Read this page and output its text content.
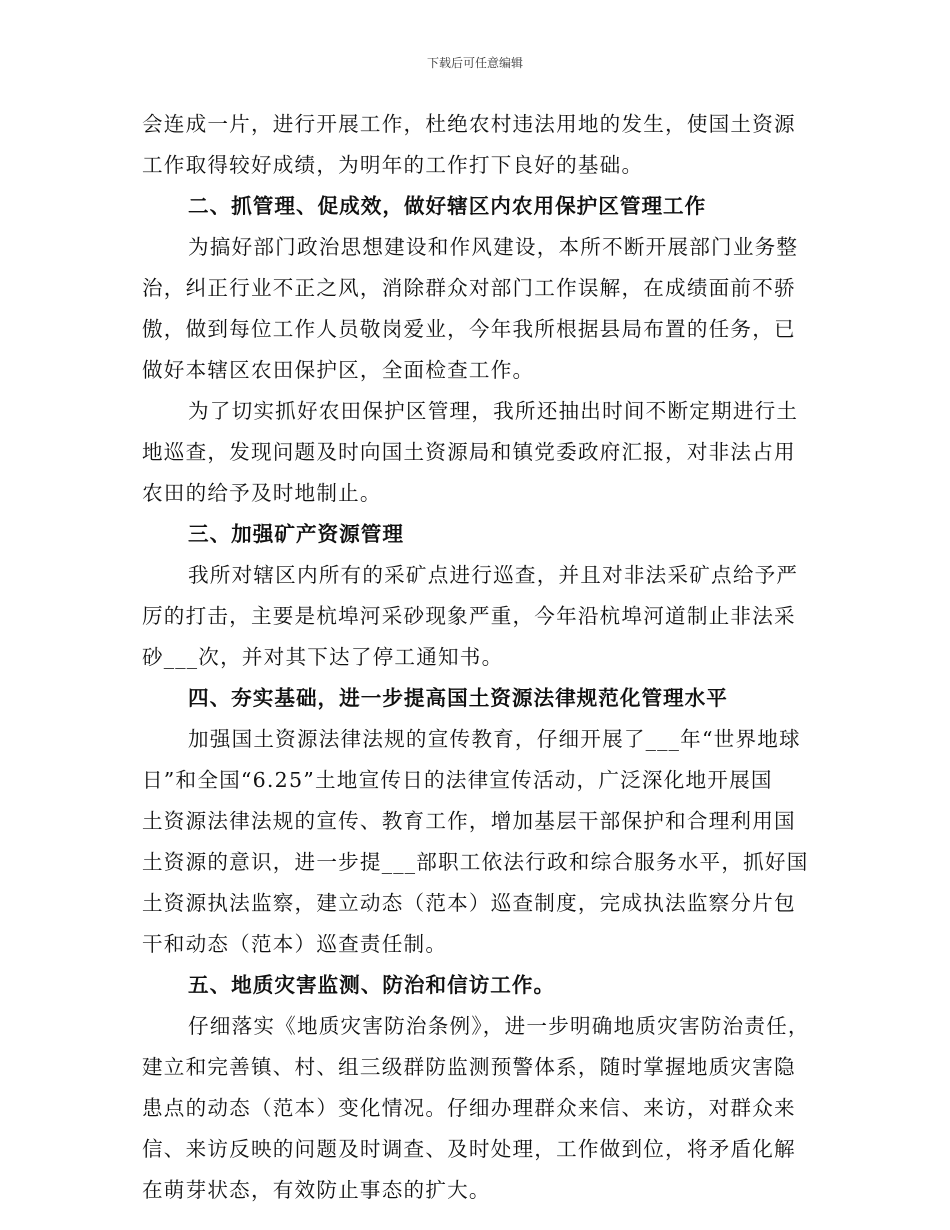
下载后可任意编辑
会连成一片，进行开展工作，杜绝农村违法用地的发生，使国土资源
工作取得较好成绩，为明年的工作打下良好的基础。
二、抓管理、促成效，做好辖区内农用保护区管理工作
为搞好部门政治思想建设和作风建设，本所不断开展部门业务整
治，纠正行业不正之风，消除群众对部门工作误解，在成绩面前不骄
傲，做到每位工作人员敬岗爱业，今年我所根据县局布置的任务，已
做好本辖区农田保护区，全面检查工作。
为了切实抓好农田保护区管理，我所还抽出时间不断定期进行土
地巡查，发现问题及时向国土资源局和镇党委政府汇报，对非法占用
农田的给予及时地制止。
三、加强矿产资源管理
我所对辖区内所有的采矿点进行巡查，并且对非法采矿点给予严
厉的打击，主要是杭埠河采砂现象严重，今年沿杭埠河道制止非法采
砂___次，并对其下达了停工通知书。
四、夯实基础，进一步提高国土资源法律规范化管理水平
加强国土资源法律法规的宣传教育，仔细开展了___年“世界地球
日”和全国“6.25”土地宣传日的法律宣传活动，广泛深化地开展国
土资源法律法规的宣传、教育工作，增加基层干部保护和合理利用国
土资源的意识，进一步提___部职工依法行政和综合服务水平，抓好国
土资源执法监察，建立动态（范本）巡查制度，完成执法监察分片包
干和动态（范本）巡查责任制。
五、地质灾害监测、防治和信访工作。
仔细落实《地质灾害防治条例》，进一步明确地质灾害防治责任，
建立和完善镇、村、组三级群防监测预警体系，随时掌握地质灾害隐
患点的动态（范本）变化情况。仔细办理群众来信、来访，对群众来
信、来访反映的问题及时调查、及时处理，工作做到位，将矛盾化解
在萌芽状态，有效防止事态的扩大。
